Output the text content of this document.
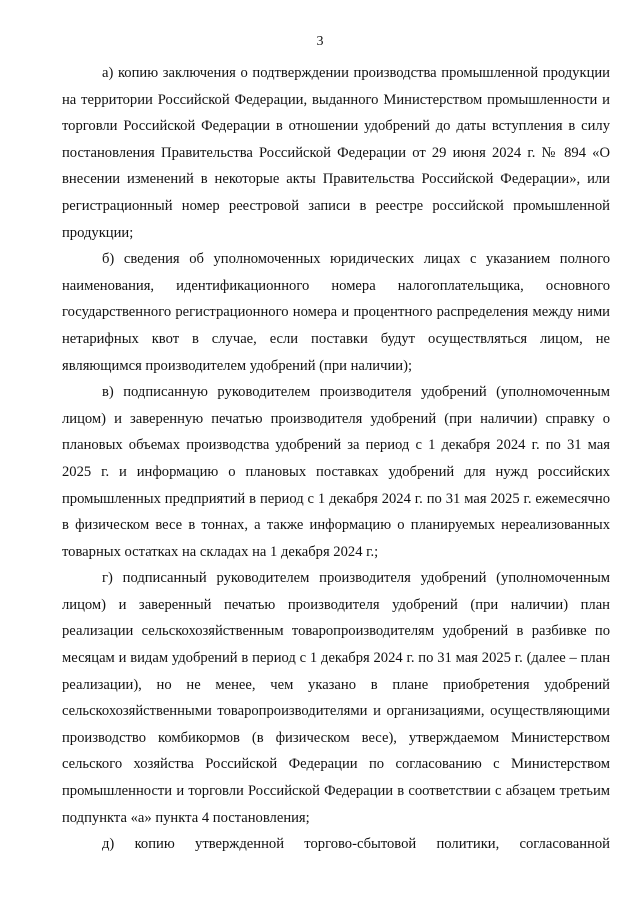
3

а) копию заключения о подтверждении производства промышленной продукции на территории Российской Федерации, выданного Министерством промышленности и торговли Российской Федерации в отношении удобрений до даты вступления в силу постановления Правительства Российской Федерации от 29 июня 2024 г. № 894 «О внесении изменений в некоторые акты Правительства Российской Федерации», или регистрационный номер реестровой записи в реестре российской промышленной продукции;

б) сведения об уполномоченных юридических лицах с указанием полного наименования, идентификационного номера налогоплательщика, основного государственного регистрационного номера и процентного распределения между ними нетарифных квот в случае, если поставки будут осуществляться лицом, не являющимся производителем удобрений (при наличии);

в) подписанную руководителем производителя удобрений (уполномоченным лицом) и заверенную печатью производителя удобрений (при наличии) справку о плановых объемах производства удобрений за период с 1 декабря 2024 г. по 31 мая 2025 г. и информацию о плановых поставках удобрений для нужд российских промышленных предприятий в период с 1 декабря 2024 г. по 31 мая 2025 г. ежемесячно в физическом весе в тоннах, а также информацию о планируемых нереализованных товарных остатках на складах на 1 декабря 2024 г.;

г) подписанный руководителем производителя удобрений (уполномоченным лицом) и заверенный печатью производителя удобрений (при наличии) план реализации сельскохозяйственным товаропроизводителям удобрений в разбивке по месяцам и видам удобрений в период с 1 декабря 2024 г. по 31 мая 2025 г. (далее – план реализации), но не менее, чем указано в плане приобретения удобрений сельскохозяйственными товаропроизводителями и организациями, осуществляющими производство комбикормов (в физическом весе), утверждаемом Министерством сельского хозяйства Российской Федерации по согласованию с Министерством промышленности и торговли Российской Федерации в соответствии с абзацем третьим подпункта «а» пункта 4 постановления;

д) копию утвержденной торгово-сбытовой политики, согласованной
